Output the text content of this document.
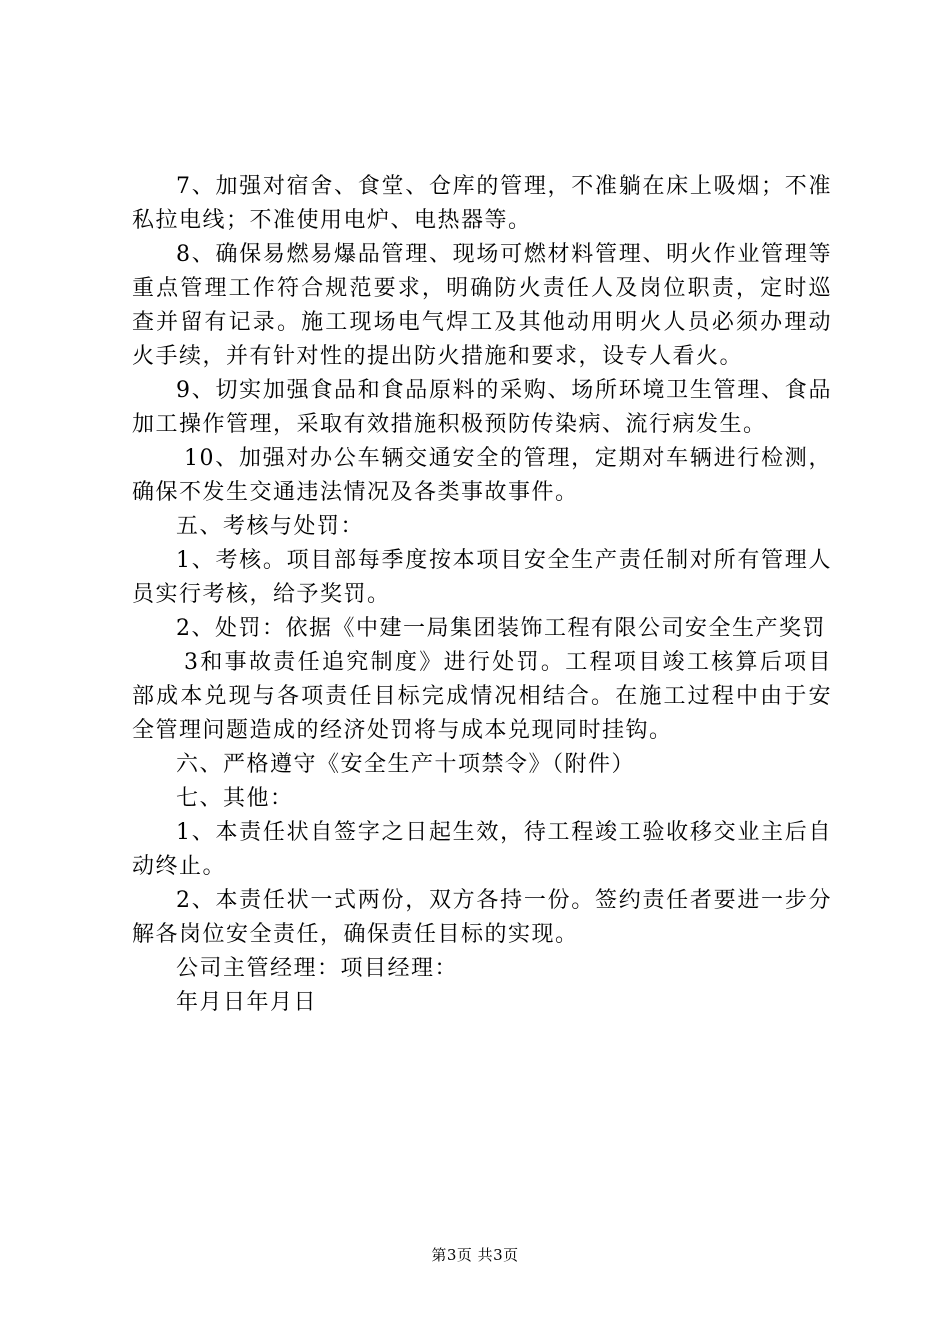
7、加强对宿舍、食堂、仓库的管理，不准躺在床上吸烟；不准私拉电线；不准使用电炉、电热器等。

8、确保易燃易爆品管理、现场可燃材料管理、明火作业管理等重点管理工作符合规范要求，明确防火责任人及岗位职责，定时巡查并留有记录。施工现场电气焊工及其他动用明火人员必须办理动火手续，并有针对性的提出防火措施和要求，设专人看火。

9、切实加强食品和食品原料的采购、场所环境卫生管理、食品加工操作管理，采取有效措施积极预防传染病、流行病发生。

10、加强对办公车辆交通安全的管理，定期对车辆进行检测，确保不发生交通违法情况及各类事故事件。

五、考核与处罚：

1、考核。项目部每季度按本项目安全生产责任制对所有管理人员实行考核，给予奖罚。

2、处罚：依据《中建一局集团装饰工程有限公司安全生产奖罚

3和事故责任追究制度》进行处罚。工程项目竣工核算后项目部成本兑现与各项责任目标完成情况相结合。在施工过程中由于安全管理问题造成的经济处罚将与成本兑现同时挂钩。

六、严格遵守《安全生产十项禁令》（附件）

七、其他：

1、本责任状自签字之日起生效，待工程竣工验收移交业主后自动终止。

2、本责任状一式两份，双方各持一份。签约责任者要进一步分解各岗位安全责任，确保责任目标的实现。

公司主管经理：项目经理：

年月日年月日

第3页 共3页
